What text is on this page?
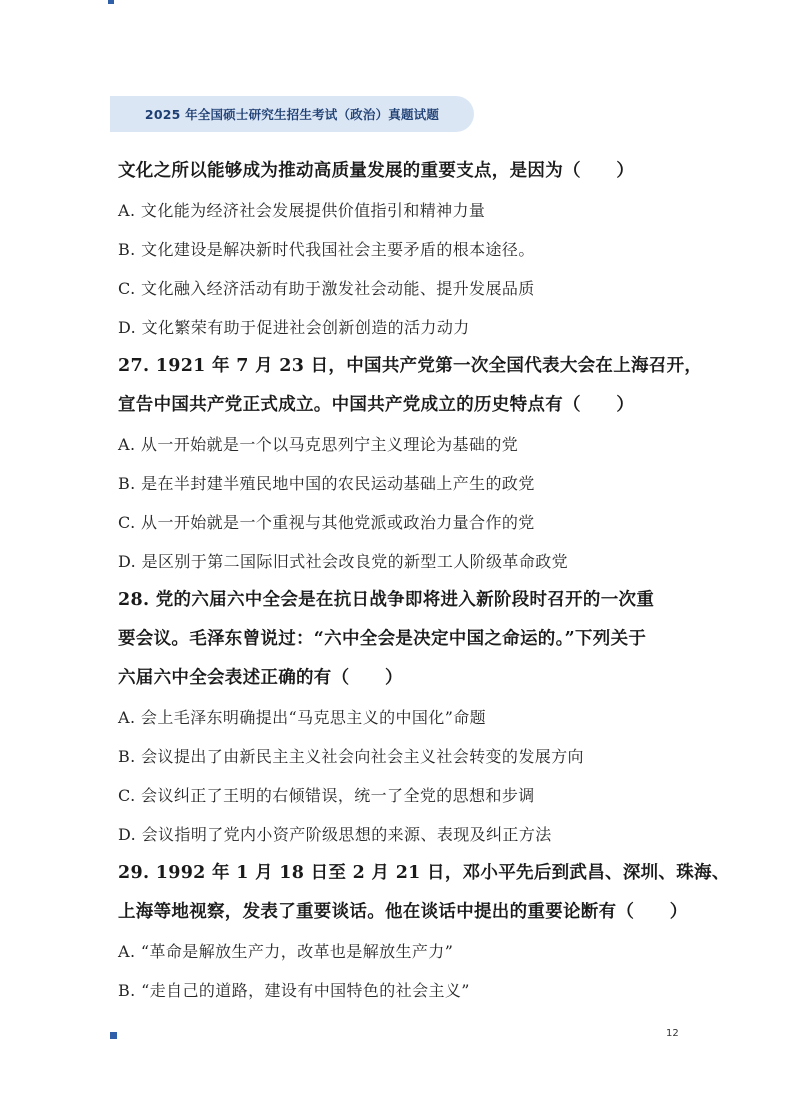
2025 年全国硕士研究生招生考试（政治）真题试题
文化之所以能够成为推动高质量发展的重要支点，是因为（　　）
A. 文化能为经济社会发展提供价值指引和精神力量
B. 文化建设是解决新时代我国社会主要矛盾的根本途径。
C. 文化融入经济活动有助于激发社会动能、提升发展品质
D. 文化繁荣有助于促进社会创新创造的活力动力
27. 1921 年 7 月 23 日，中国共产党第一次全国代表大会在上海召开，
宣告中国共产党正式成立。中国共产党成立的历史特点有（　　）
A. 从一开始就是一个以马克思列宁主义理论为基础的党
B. 是在半封建半殖民地中国的农民运动基础上产生的政党
C. 从一开始就是一个重视与其他党派或政治力量合作的党
D. 是区别于第二国际旧式社会改良党的新型工人阶级革命政党
28. 党的六届六中全会是在抗日战争即将进入新阶段时召开的一次重
要会议。毛泽东曾说过：“六中全会是决定中国之命运的。”下列关于
六届六中全会表述正确的有（　　）
A. 会上毛泽东明确提出“马克思主义的中国化”命题
B. 会议提出了由新民主主义社会向社会主义社会转变的发展方向
C. 会议纠正了王明的右倾错误，统一了全党的思想和步调
D. 会议指明了党内小资产阶级思想的来源、表现及纠正方法
29. 1992 年 1 月 18 日至 2 月 21 日，邓小平先后到武昌、深圳、珠海、
上海等地视察，发表了重要谈话。他在谈话中提出的重要论断有（　　）
A. “革命是解放生产力，改革也是解放生产力”
B. “走自己的道路，建设有中国特色的社会主义”
12
